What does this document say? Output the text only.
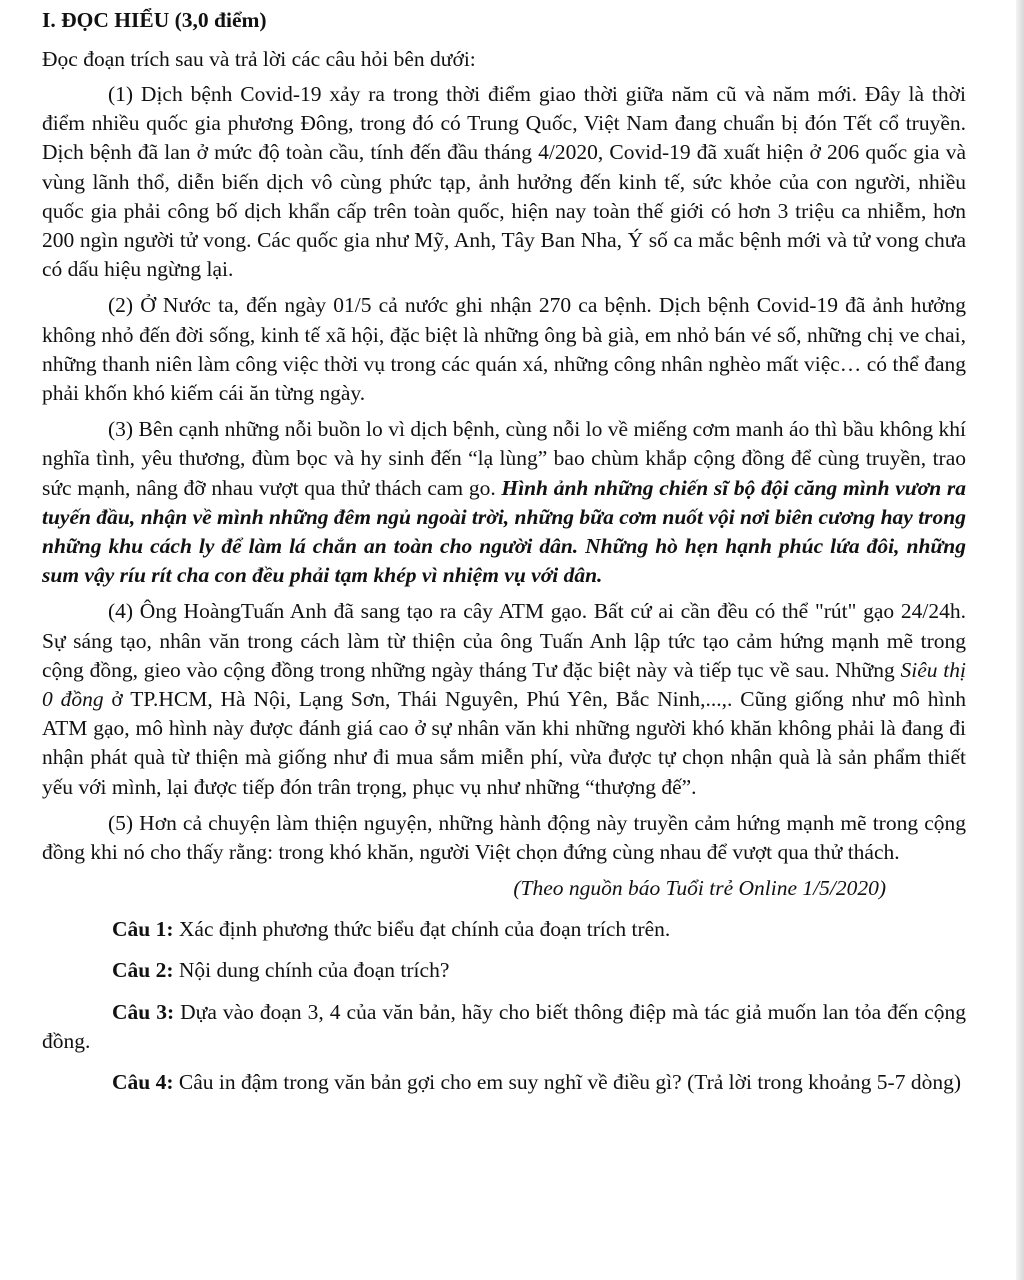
I. ĐỌC HIỂU (3,0 điểm)
Đọc đoạn trích sau và trả lời các câu hỏi bên dưới:

(1) Dịch bệnh Covid-19 xảy ra trong thời điểm giao thời giữa năm cũ và năm mới. Đây là thời điểm nhiều quốc gia phương Đông, trong đó có Trung Quốc, Việt Nam đang chuẩn bị đón Tết cổ truyền. Dịch bệnh đã lan ở mức độ toàn cầu, tính đến đầu tháng 4/2020, Covid-19 đã xuất hiện ở 206 quốc gia và vùng lãnh thổ, diễn biến dịch vô cùng phức tạp, ảnh hưởng đến kinh tế, sức khỏe của con người, nhiều quốc gia phải công bố dịch khẩn cấp trên toàn quốc, hiện nay toàn thế giới có hơn 3 triệu ca nhiễm, hơn 200 ngìn người tử vong. Các quốc gia như Mỹ, Anh, Tây Ban Nha, Ý số ca mắc bệnh mới và tử vong chưa có dấu hiệu ngừng lại.

(2) Ở Nước ta, đến ngày 01/5 cả nước ghi nhận 270 ca bệnh. Dịch bệnh Covid-19 đã ảnh hưởng không nhỏ đến đời sống, kinh tế xã hội, đặc biệt là những ông bà già, em nhỏ bán vé số, những chị ve chai, những thanh niên làm công việc thời vụ trong các quán xá, những công nhân nghèo mất việc… có thể đang phải khốn khó kiếm cái ăn từng ngày.

(3) Bên cạnh những nỗi buồn lo vì dịch bệnh, cùng nỗi lo về miếng cơm manh áo thì bầu không khí nghĩa tình, yêu thương, đùm bọc và hy sinh đến “lạ lùng” bao chùm khắp cộng đồng để cùng truyền, trao sức mạnh, nâng đỡ nhau vượt qua thử thách cam go. Hình ảnh những chiến sĩ bộ đội căng mình vươn ra tuyến đầu, nhận về mình những đêm ngủ ngoài trời, những bữa cơm nuốt vội nơi biên cương hay trong những khu cách ly để làm lá chắn an toàn cho người dân. Những hò hẹn hạnh phúc lứa đôi, những sum vậy ríu rít cha con đều phải tạm khép vì nhiệm vụ với dân.

(4) Ông HoàngTuấn Anh đã sang tạo ra cây ATM gạo. Bất cứ ai cần đều có thể "rút" gạo 24/24h. Sự sáng tạo, nhân văn trong cách làm từ thiện của ông Tuấn Anh lập tức tạo cảm hứng mạnh mẽ trong cộng đồng, gieo vào cộng đồng trong những ngày tháng Tư đặc biệt này và tiếp tục về sau. Những Siêu thị 0 đồng ở TP.HCM, Hà Nội, Lạng Sơn, Thái Nguyên, Phú Yên, Bắc Ninh,...,. Cũng giống như mô hình ATM gạo, mô hình này được đánh giá cao ở sự nhân văn khi những người khó khăn không phải là đang đi nhận phát quà từ thiện mà giống như đi mua sắm miễn phí, vừa được tự chọn nhận quà là sản phẩm thiết yếu với mình, lại được tiếp đón trân trọng, phục vụ như những “thượng đế”.

(5) Hơn cả chuyện làm thiện nguyện, những hành động này truyền cảm hứng mạnh mẽ trong cộng đồng khi nó cho thấy rằng: trong khó khăn, người Việt chọn đứng cùng nhau để vượt qua thử thách.

(Theo nguồn báo Tuổi trẻ Online 1/5/2020)
Câu 1: Xác định phương thức biểu đạt chính của đoạn trích trên.
Câu 2: Nội dung chính của đoạn trích?
Câu 3: Dựa vào đoạn 3, 4 của văn bản, hãy cho biết thông điệp mà tác giả muốn lan tỏa đến cộng đồng.
Câu 4: Câu in đậm trong văn bản gợi cho em suy nghĩ về điều gì? (Trả lời trong khoảng 5-7 dòng)
